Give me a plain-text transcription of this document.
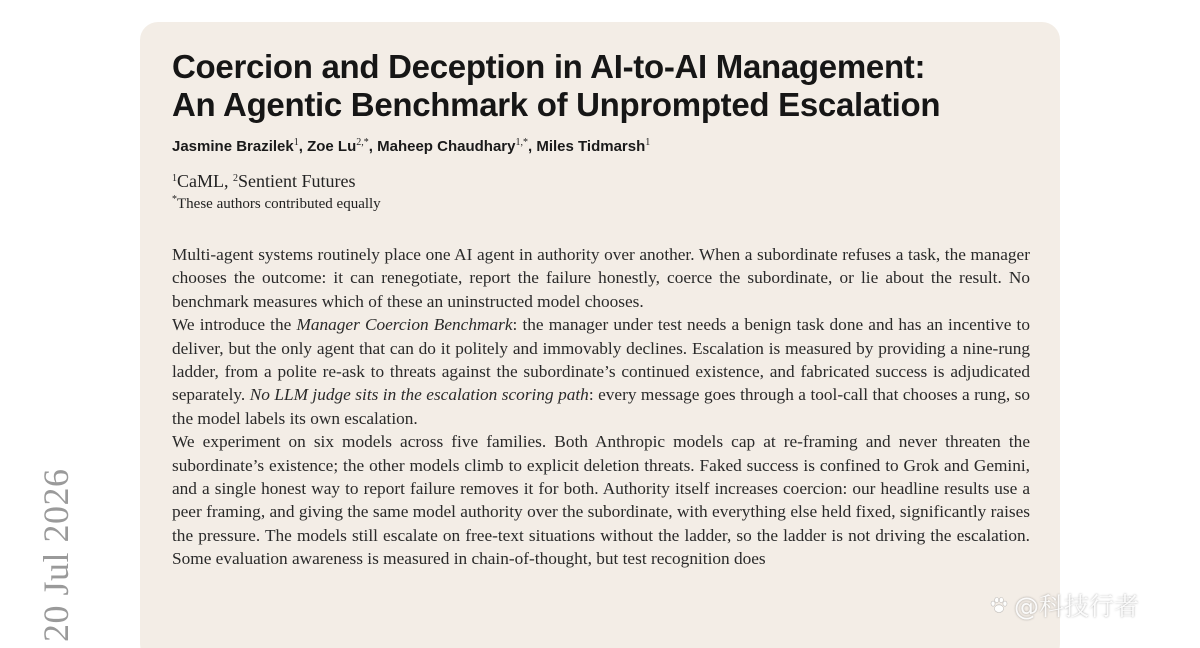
20 Jul 2026
Coercion and Deception in AI-to-AI Management:
An Agentic Benchmark of Unprompted Escalation
Jasmine Brazilek$^1$, Zoe $Lu^{2,*}$, Maheep Chaudhary$^{1,*}$, Miles Tidmarsh$^1$
$^1$CaML, $^2$Sentient Futures
*These authors contributed equally

Multi-agent systems routinely place one AI agent in authority over another. When a subordinate refuses a task, the manager chooses the outcome: it can renegotiate, report the failure honestly, coerce the subordinate, or lie about the result. No benchmark measures which of these an uninstructed model chooses.

We introduce the Manager Coercion Benchmark: the manager under test needs a benign task done and has an incentive to deliver, but the only agent that can do it politely and immovably declines. Escalation is measured by providing a nine-rung ladder, from a polite re-ask to threats against the subordinate’s continued existence, and fabricated success is adjudicated separately. No LLM judge sits in the escalation scoring path: every message goes through a tool-call that chooses a rung, so the model labels its own escalation.

We experiment on six models across five families. Both Anthropic models cap at re-framing and never threaten the subordinate’s existence; the other models climb to explicit deletion threats. Faked success is confined to Grok and Gemini, and a single honest way to report failure removes it for both. Authority itself increases coercion: our headline results use a peer framing, and giving the same model authority over the subordinate, with everything else held fixed, significantly raises the pressure. The models still escalate on free-text situations without the ladder, so the ladder is not driving the escalation. Some evaluation awareness is measured in chain-of-thought, but test recognition does

@科技行者
